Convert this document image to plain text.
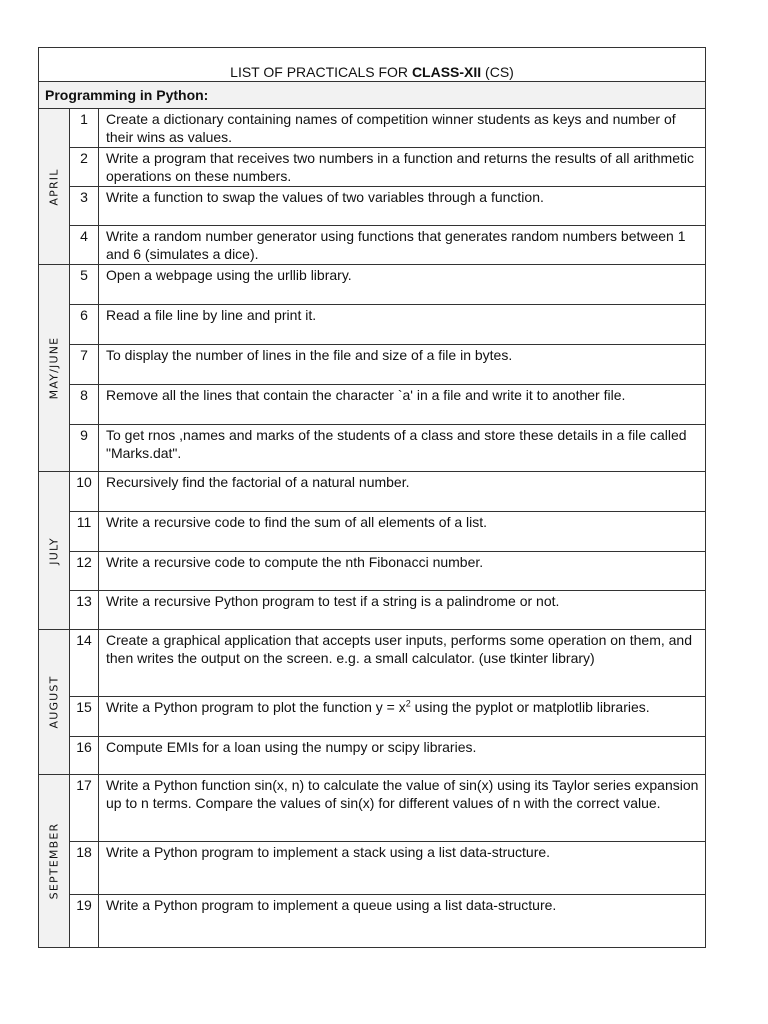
LIST OF PRACTICALS FOR CLASS-XII (CS)		
Programming in Python:		

APRIL	1	Create a dictionary containing names of competition winner students as keys and number of their wins as values.
	2	Write a program that receives two numbers in a function and returns the results of all arithmetic operations on these numbers.
	3	Write a function to swap the values of two variables through a function.
	4	Write a random number generator using functions that generates random numbers between 1 and 6 (simulates a dice).

MAY/JUNE	5	Open a webpage using the urllib library.
	6	Read a file line by line and print it.
	7	To display the number of lines in the file and size of a file in bytes.
	8	Remove all the lines that contain the character `a' in a file and write it to another file.
	9	To get rnos ,names and marks of the students of a class and store these details in a file called "Marks.dat".

JULY	10	Recursively find the factorial of a natural number.
	11	Write a recursive code to find the sum of all elements of a list.
	12	Write a recursive code to compute the nth Fibonacci number.
	13	Write a recursive Python program to test if a string is a palindrome or not.

AUGUST	14	Create a graphical application that accepts user inputs, performs some operation on them, and then writes the output on the screen. e.g. a small calculator. (use tkinter library)
	15	Write a Python program to plot the function $y = x^2$ using the pyplot or matplotlib libraries.
	16	Compute EMIs for a loan using the numpy or scipy libraries.

SEPTEMBER	17	Write a Python function sin(x, n) to calculate the value of sin(x) using its Taylor series expansion up to n terms. Compare the values of sin(x) for different values of n with the correct value.
	18	Write a Python program to implement a stack using a list data-structure.
	19	Write a Python program to implement a queue using a list data-structure.
